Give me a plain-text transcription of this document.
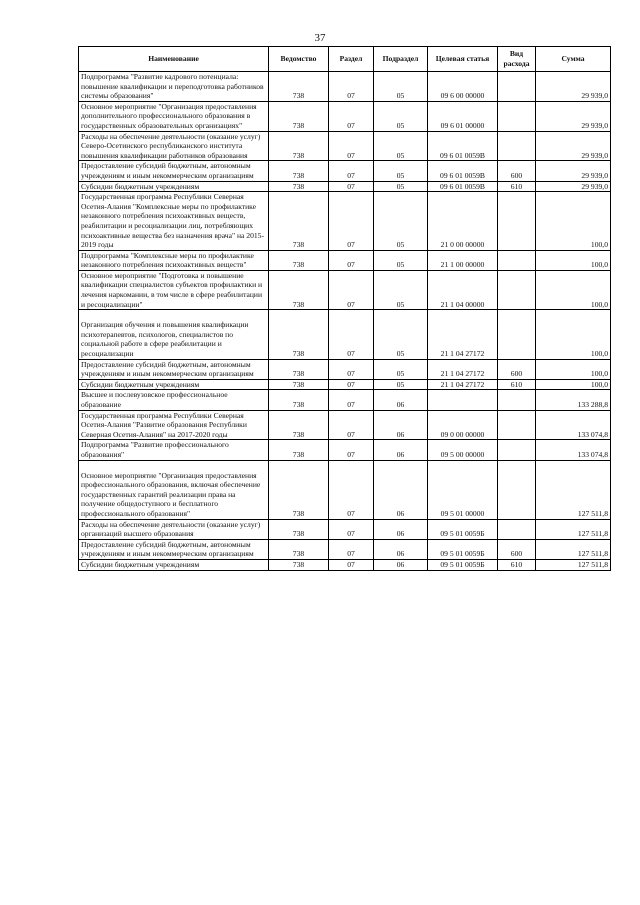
37
Наименование	Ведомство	Раздел	Подраздел	Целевая статья	Вид расхода	Сумма
Подпрограмма "Развитие кадрового потенциала: повышение квалификации и переподготовка работников системы образования"	738	07	05	09 6 00 00000		29 939,0
Основное мероприятие "Организация предоставления дополнительного профессионального образования в государственных образовательных организациях"	738	07	05	09 6 01 00000		29 939,0
Расходы на обеспечение деятельности (оказание услуг) Северо-Осетинского республиканского института повышения квалификации работников образования	738	07	05	09 6 01 0059В		29 939,0
Предоставление субсидий бюджетным, автономным учреждениям и иным некоммерческим организациям	738	07	05	09 6 01 0059В	600	29 939,0
Субсидии бюджетным учреждениям	738	07	05	09 6 01 0059В	610	29 939,0
Государственная программа Республики Северная Осетия-Алания "Комплексные меры по профилактике незаконного потребления психоактивных веществ, реабилитации и ресоциализации лиц, потребляющих психоактивные вещества без назначения врача" на 2015-2019 годы	738	07	05	21 0 00 00000		100,0
Подпрограмма "Комплексные меры по профилактике незаконного потребления психоактивных веществ"	738	07	05	21 1 00 00000		100,0
Основное мероприятие "Подготовка и повышение квалификации специалистов субъектов профилактики и лечения наркомании, в том числе в сфере реабилитации и ресоциализации"	738	07	05	21 1 04 00000		100,0
Организация обучения и повышения квалификации психотерапевтов, психологов, специалистов по социальной работе в сфере реабилитации и ресоциализации	738	07	05	21 1 04 27172		100,0
Предоставление субсидий бюджетным, автономным учреждениям и иным некоммерческим организациям	738	07	05	21 1 04 27172	600	100,0
Субсидии бюджетным учреждениям	738	07	05	21 1 04 27172	610	100,0
Высшее и послевузовское профессиональное образование	738	07	06			133 288,8
Государственная программа Республики Северная Осетия-Алания "Развитие образования Республики Северная Осетия-Алания" на 2017-2020 годы	738	07	06	09 0 00 00000		133 074,8
Подпрограмма "Развитие профессионального образования"	738	07	06	09 5 00 00000		133 074,8
Основное мероприятие "Организация предоставления профессионального образования, включая обеспечение государственных гарантий реализации права на получение общедоступного и бесплатного профессионального образования"	738	07	06	09 5 01 00000		127 511,8
Расходы на обеспечение деятельности (оказание услуг) организаций высшего образования	738	07	06	09 5 01 0059Б		127 511,8
Предоставление субсидий бюджетным, автономным учреждениям и иным некоммерческим организациям	738	07	06	09 5 01 0059Б	600	127 511,8
Субсидии бюджетным учреждениям	738	07	06	09 5 01 0059Б	610	127 511,8
